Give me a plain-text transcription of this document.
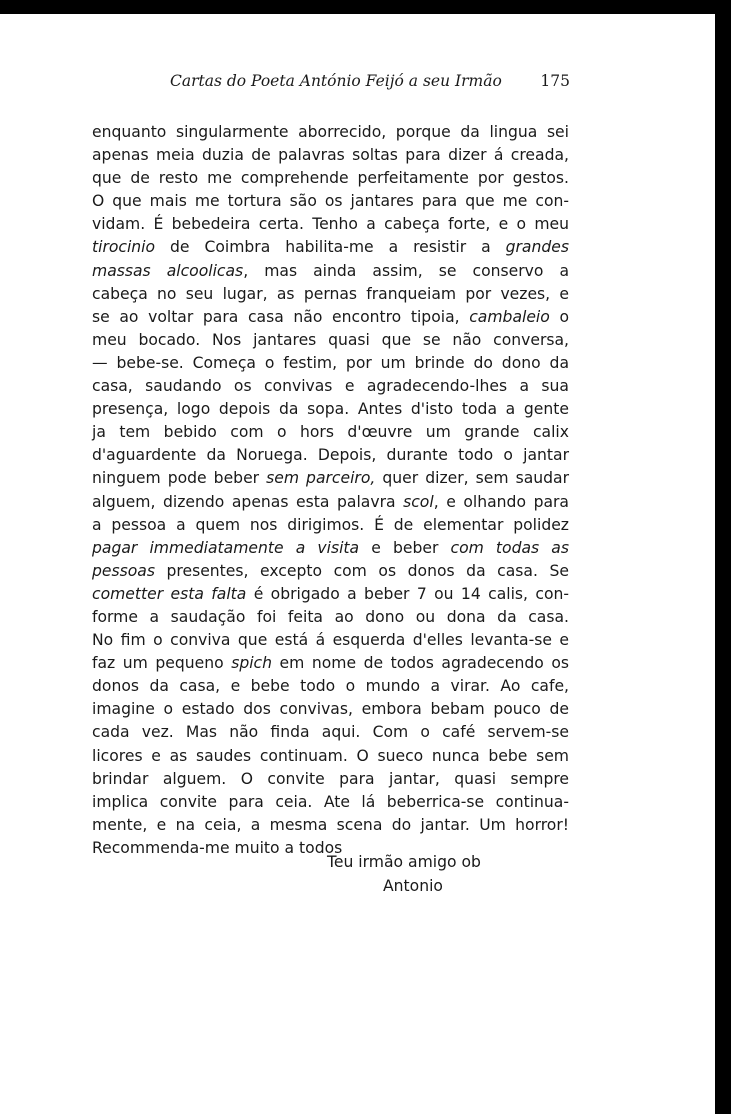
Cartas do Poeta António Feijó a seu Irmão 175
enquanto singularmente aborrecido, porque da lingua sei
apenas meia duzia de palavras soltas para dizer á creada,
que de resto me comprehende perfeitamente por gestos.
O que mais me tortura são os jantares para que me con-
vidam. É bebedeira certa. Tenho a cabeça forte, e o meu
tirocinio de Coimbra habilita-me a resistir a grandes
massas alcoolicas, mas ainda assim, se conservo a
cabeça no seu lugar, as pernas franqueiam por vezes, e
se ao voltar para casa não encontro tipoia, cambaleio o
meu bocado. Nos jantares quasi que se não conversa,
— bebe-se. Começa o festim, por um brinde do dono da
casa, saudando os convivas e agradecendo-lhes a sua
presença, logo depois da sopa. Antes d'isto toda a gente
ja tem bebido com o hors d'œuvre um grande calix
d'aguardente da Noruega. Depois, durante todo o jantar
ninguem pode beber sem parceiro, quer dizer, sem saudar
alguem, dizendo apenas esta palavra scol, e olhando para
a pessoa a quem nos dirigimos. É de elementar polidez
pagar immediatamente a visita e beber com todas as
pessoas presentes, excepto com os donos da casa. Se
cometter esta falta é obrigado a beber 7 ou 14 calis, con-
forme a saudação foi feita ao dono ou dona da casa.
No fim o conviva que está á esquerda d'elles levanta-se e
faz um pequeno spich em nome de todos agradecendo os
donos da casa, e bebe todo o mundo a virar. Ao cafe,
imagine o estado dos convivas, embora bebam pouco de
cada vez. Mas não finda aqui. Com o café servem-se
licores e as saudes continuam. O sueco nunca bebe sem
brindar alguem. O convite para jantar, quasi sempre
implica convite para ceia. Ate lá beberrica-se continua-
mente, e na ceia, a mesma scena do jantar. Um horror!
Recommenda-me muito a todos
Teu irmão amigo ob
Antonio
